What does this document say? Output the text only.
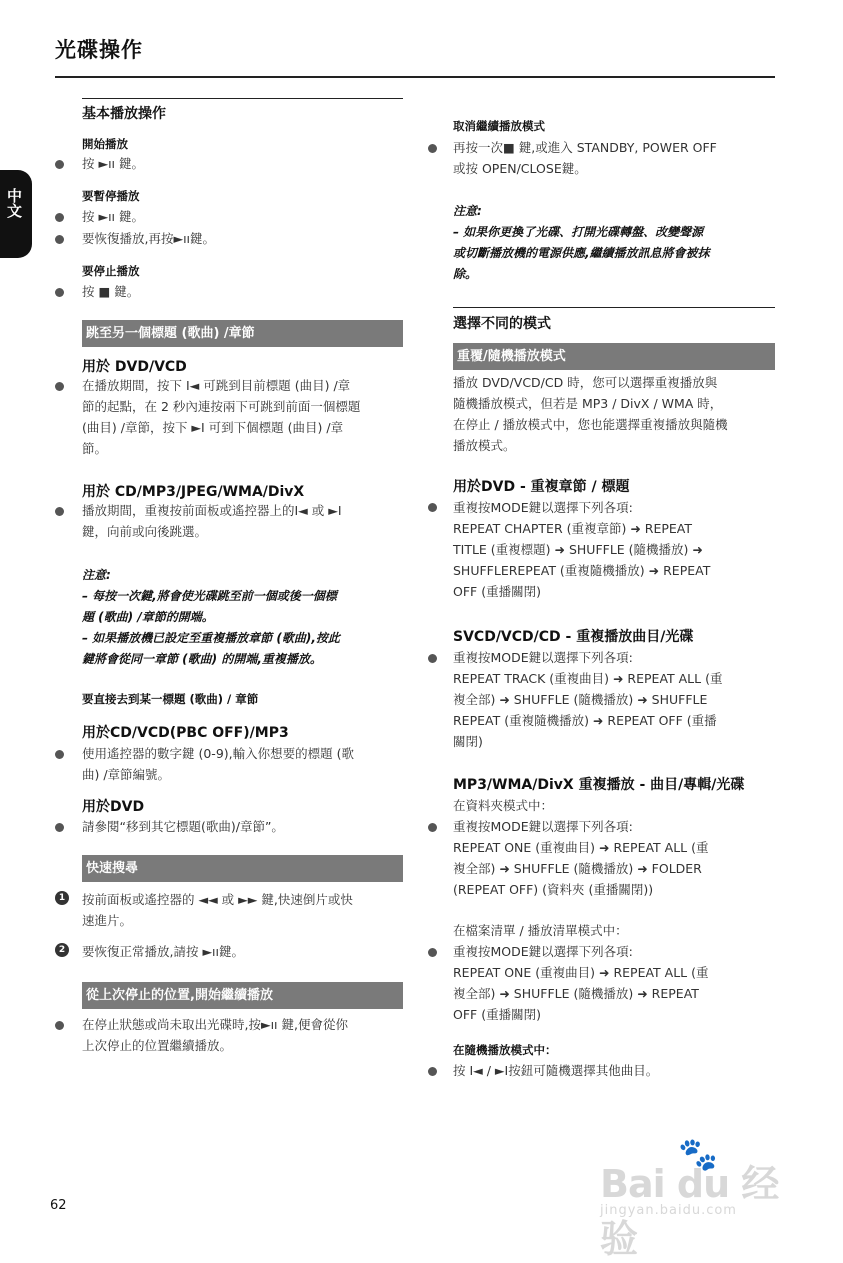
光碟操作
中文
基本播放操作
開始播放
按 ►ıı 鍵。
要暫停播放
按 ►ıı 鍵。
要恢復播放,再按►ıı鍵。
要停止播放
按 ■ 鍵。
跳至另一個標題 (歌曲) /章節
用於 DVD/VCD
在播放期間，按下 I◄ 可跳到目前標題 (曲目) /章
節的起點，在 2 秒內連按兩下可跳到前面一個標題
(曲目) /章節，按下 ►I 可到下個標題 (曲目) /章
節。
用於 CD/MP3/JPEG/WMA/DivX
播放期間，重複按前面板或遙控器上的I◄ 或 ►I
鍵，向前或向後跳選。
注意:
– 每按一次鍵,將會使光碟跳至前一個或後一個標
題 (歌曲) /章節的開端。
– 如果播放機已設定至重複播放章節 (歌曲),按此
鍵將會從同一章節 (歌曲) 的開端,重複播放。
要直接去到某一標題 (歌曲) / 章節
用於CD/VCD(PBC OFF)/MP3
使用遙控器的數字鍵 (0-9),輸入你想要的標題 (歌
曲) /章節編號。
用於DVD
請參閱“移到其它標題(歌曲)/章節”。
快速搜尋
1	按前面板或遙控器的 ◄◄ 或 ►► 鍵,快速倒片或快
速進片。
2	要恢復正常播放,請按 ►ıı鍵。
從上次停止的位置,開始繼續播放
在停止狀態或尚未取出光碟時,按►ıı 鍵,便會從你
上次停止的位置繼續播放。
取消繼續播放模式
再按一次■ 鍵,或進入 STANDBY, POWER OFF
或按 OPEN/CLOSE鍵。
注意:
– 如果你更換了光碟、打開光碟轉盤、改變聲源
或切斷播放機的電源供應,繼續播放訊息將會被抹
除。
選擇不同的模式
重覆/隨機播放模式
播放 DVD/VCD/CD 時，您可以選擇重複播放與
隨機播放模式，但若是 MP3 / DivX / WMA 時，
在停止 / 播放模式中，您也能選擇重複播放與隨機
播放模式。
用於DVD - 重複章節 / 標題
重複按MODE鍵以選擇下列各項:
REPEAT CHAPTER (重複章節) ➜ REPEAT
TITLE (重複標題) ➜ SHUFFLE (隨機播放) ➜
SHUFFLEREPEAT (重複隨機播放) ➜ REPEAT
OFF (重播關閉)
SVCD/VCD/CD - 重複播放曲目/光碟
重複按MODE鍵以選擇下列各項:
REPEAT TRACK (重複曲目) ➜ REPEAT ALL (重
複全部) ➜ SHUFFLE (隨機播放) ➜ SHUFFLE
REPEAT (重複隨機播放) ➜ REPEAT OFF (重播
關閉)
MP3/WMA/DivX 重複播放 - 曲目/專輯/光碟
在資料夾模式中：
重複按MODE鍵以選擇下列各項:
REPEAT ONE (重複曲目) ➜ REPEAT ALL (重
複全部) ➜ SHUFFLE (隨機播放) ➜ FOLDER
(REPEAT OFF) (資料夾 (重播關閉))
在檔案清單 / 播放清單模式中：
重複按MODE鍵以選擇下列各項:
REPEAT ONE (重複曲目) ➜ REPEAT ALL (重
複全部) ➜ SHUFFLE (隨機播放) ➜ REPEAT
OFF (重播關閉)
在隨機播放模式中：
按 I◄ / ►I按鈕可隨機選擇其他曲目。
62
🐾
Bai du 经验
jingyan.baidu.com
